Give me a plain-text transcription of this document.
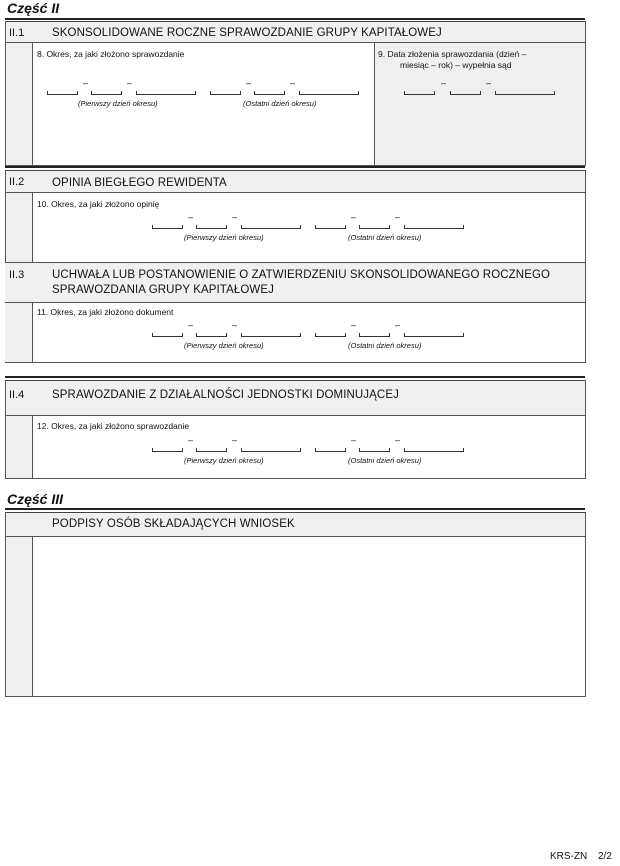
Część II
II.1 SKONSOLIDOWANE ROCZNE SPRAWOZDANIE GRUPY KAPITAŁOWEJ
8. Okres, za jaki złożono sprawozdanie	9. Data złożenia sprawozdania (dzień –
miesiąc – rok) – wypełnia sąd
–	–
(Pierwszy dzień okresu)
–	–
(Ostatni dzień okresu)
–	–
II.2 OPINIA BIEGŁEGO REWIDENTA
10. Okres, za jaki złożono opinię
–	–
(Pierwszy dzień okresu)
–	–
(Ostatni dzień okresu)
II.3 UCHWAŁA LUB POSTANOWIENIE O ZATWIERDZENIU SKONSOLIDOWANEGO ROCZNEGO
SPRAWOZDANIA GRUPY KAPITAŁOWEJ
11. Okres, za jaki złożono dokument
–	–
(Pierwszy dzień okresu)
–	–
(Ostatni dzień okresu)
II.4 SPRAWOZDANIE Z DZIAŁALNOŚCI JEDNOSTKI DOMINUJĄCEJ
12. Okres, za jaki złożono sprawozdanie
–	–
(Pierwszy dzień okresu)
–	–
(Ostatni dzień okresu)
Część III
PODPISY OSÓB SKŁADAJĄCYCH WNIOSEK
KRS-ZN 2/2
